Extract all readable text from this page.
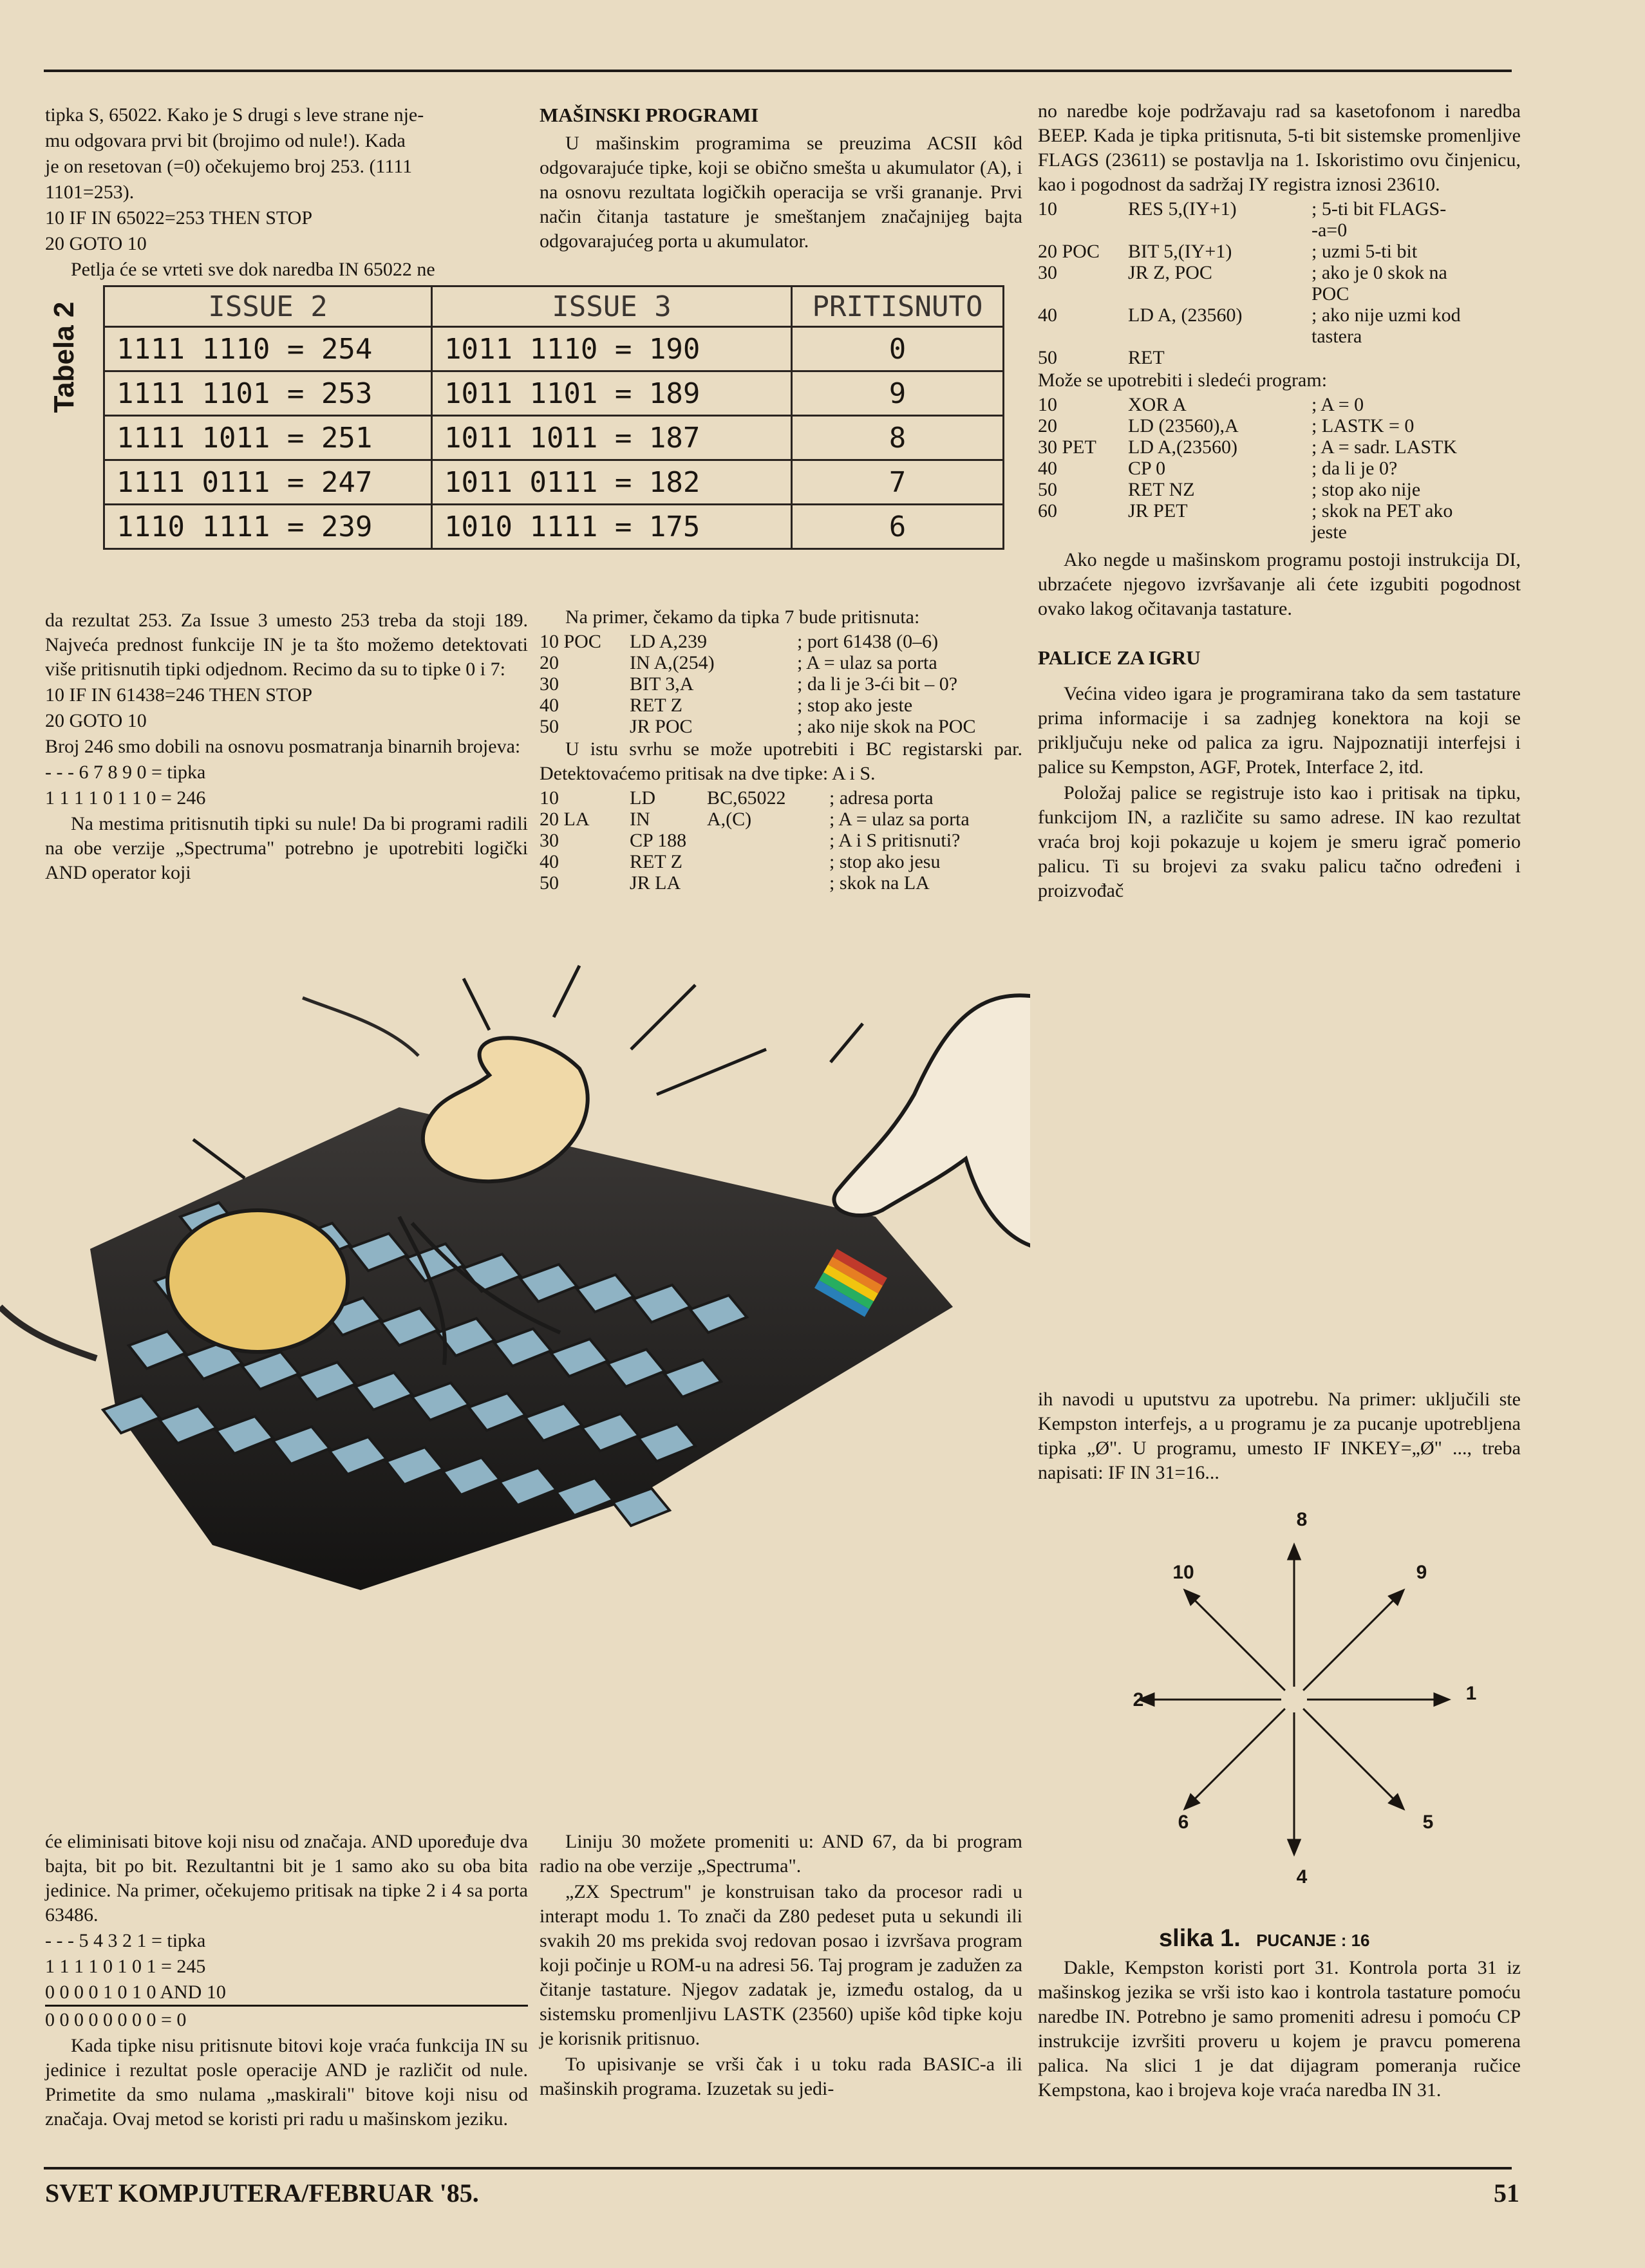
tipka S, 65022. Kako je S drugi s leve strane nje-

mu odgovara prvi bit (brojimo od nule!). Kada

je on resetovan (=0) očekujemo broj 253. (1111

1101=253).

10 IF IN 65022=253 THEN STOP

20 GOTO 10

Petlja će se vrteti sve dok naredba IN 65022 ne

MAŠINSKI PROGRAMI

U mašinskim programima se preuzima ACSII kôd odgovarajuće tipke, koji se obično smešta u akumulator (A), i na osnovu rezultata logičkih operacija se vrši grananje. Prvi način čitanja tastature je smeštanjem značajnijeg bajta odgovarajućeg porta u akumulator.

no naredbe koje podržavaju rad sa kasetofonom i naredba BEEP. Kada je tipka pritisnuta, 5-ti bit sistemske promenljive FLAGS (23611) se postavlja na 1. Iskoristimo ovu činjenicu, kao i pogodnost da sadržaj IY registra iznosi 23610.

10		RES 5,(IY+1)	; 5-ti bit FLAGS-
			-a=0
20 POC		BIT 5,(IY+1)	; uzmi 5-ti bit
30		JR Z, POC	; ako je 0 skok na
			POC
40		LD A, (23560)	; ako nije uzmi kod
			tastera
50		RET	

Može se upotrebiti i sledeći program:

10	XOR A	; A = 0
20	LD (23560),A	; LASTK = 0
30 PET	LD A,(23560)	; A = sadr. LASTK
40	CP 0	; da li je 0?
50	RET NZ	; stop ako nije
60	JR PET	; skok na PET ako
		jeste

Ako negde u mašinskom programu postoji instrukcija DI, ubrzaćete njegovo izvršavanje ali ćete izgubiti pogodnost ovako lakog očitavanja tastature.

PALICE ZA IGRU

Većina video igara je programirana tako da sem tastature prima informacije i sa zadnjeg konektora na koji se priključuju neke od palica za igru. Najpoznatiji interfejsi i palice su Kempston, AGF, Protek, Interface 2, itd.

Položaj palice se registruje isto kao i pritisak na tipku, funkcijom IN, a različite su samo adrese. IN kao rezultat vraća broj koji pokazuje u kojem je smeru igrač pomerio palicu. Ti su brojevi za svaku palicu tačno određeni i proizvođač

Tabela 2	ISSUE 2	ISSUE 3	PRITISNUTO
1111 1110 = 254	1011 1110 = 190	0
1111 1101 = 253	1011 1101 = 189	9
1111 1011 = 251	1011 1011 = 187	8
1111 0111 = 247	1011 0111 = 182	7
1110 1111 = 239	1010 1111 = 175	6

da rezultat 253. Za Issue 3 umesto 253 treba da stoji 189. Najveća prednost funkcije IN je ta što možemo detektovati više pritisnutih tipki odjednom. Recimo da su to tipke 0 i 7:

10 IF IN 61438=246 THEN STOP

20 GOTO 10

Broj 246 smo dobili na osnovu posmatranja binarnih brojeva:

- - - 6 7 8 9 0 = tipka

1 1 1 1 0 1 1 0 = 246

Na mestima pritisnutih tipki su nule! Da bi programi radili na obe verzije „Spectruma" potrebno je upotrebiti logički AND operator koji

Na primer, čekamo da tipka 7 bude pritisnuta:

10 POC	LD A,239	; port 61438 (0–6)
20	IN A,(254)	; A = ulaz sa porta
30	BIT 3,A	; da li je 3-ći bit – 0?
40	RET Z	; stop ako jeste
50	JR POC	; ako nije skok na POC

U istu svrhu se može upotrebiti i BC registarski par. Detektovaćemo pritisak na dve tipke: A i S.

10	LD	BC,65022	; adresa porta
20 LA	IN	A,(C)	; A = ulaz sa porta
30	CP 188		; A i S pritisnuti?
40	RET Z		; stop ako jesu
50	JR LA		; skok na LA

ih navodi u uputstvu za upotrebu. Na primer: uključili ste Kempston interfejs, a u programu je za pucanje upotrebljena tipka „Ø". U programu, umesto IF INKEY=„Ø" ..., treba napisati: IF IN 31=16...

8
10	9
2	1
6	5
4
slika 1. PUCANJE : 16

će eliminisati bitove koji nisu od značaja. AND upoređuje dva bajta, bit po bit. Rezultantni bit je 1 samo ako su oba bita jedinice. Na primer, očekujemo pritisak na tipke 2 i 4 sa porta 63486.

- - - 5 4 3 2 1 = tipka

1 1 1 1 0 1 0 1 = 245

0 0 0 0 1 0 1 0 AND 10

0 0 0 0 0 0 0 0 = 0

Kada tipke nisu pritisnute bitovi koje vraća funkcija IN su jedinice i rezultat posle operacije AND je različit od nule. Primetite da smo nulama „maskirali" bitove koji nisu od značaja. Ovaj metod se koristi pri radu u mašinskom jeziku.

Liniju 30 možete promeniti u: AND 67, da bi program radio na obe verzije „Spectruma".

„ZX Spectrum" je konstruisan tako da procesor radi u interapt modu 1. To znači da Z80 pedeset puta u sekundi ili svakih 20 ms prekida svoj redovan posao i izvršava program koji počinje u ROM-u na adresi 56. Taj program je zadužen za čitanje tastature. Njegov zadatak je, između ostalog, da u sistemsku promenljivu LASTK (23560) upiše kôd tipke koju je korisnik pritisnuo.

To upisivanje se vrši čak i u toku rada BASIC-a ili mašinskih programa. Izuzetak su jedi-

Dakle, Kempston koristi port 31. Kontrola porta 31 iz mašinskog jezika se vrši isto kao i kontrola tastature pomoću naredbe IN. Potrebno je samo promeniti adresu i pomoću CP instrukcije izvršiti proveru u kojem je pravcu pomerena palica. Na slici 1 je dat dijagram pomeranja ručice Kempstona, kao i brojeva koje vraća naredba IN 31.

SVET KOMPJUTERA/FEBRUAR '85.	51
